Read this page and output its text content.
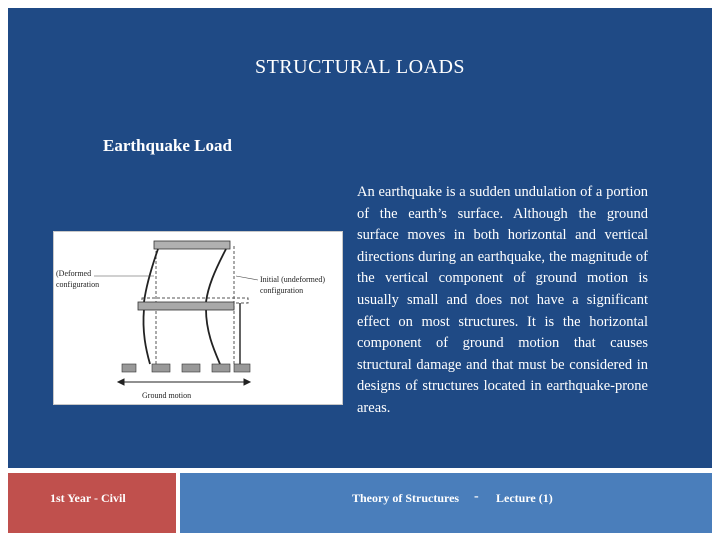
STRUCTURAL LOADS
Earthquake Load
(Deformed
configuration
Initial (undeformed)
configuration
Ground motion
An earthquake is a sudden undulation of a portion of the earth’s surface. Although the ground surface moves in both horizontal and vertical directions during an earthquake, the magnitude of the vertical component of ground motion is usually small and does not have a significant effect on most structures. It is the horizontal component of ground motion that causes structural damage and that must be considered in designs of structures located in earthquake-prone areas.
1st Year - Civil	Theory of Structures - Lecture (1)
